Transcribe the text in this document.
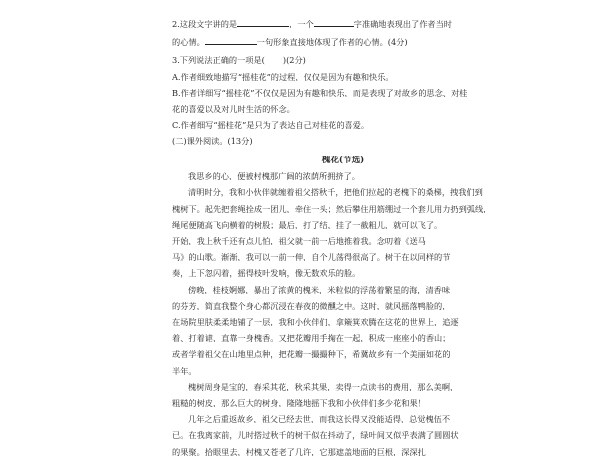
2.这段文字讲的是	，一个	字准确地表现出了作者当时
的心情。	一句形象直接地体现了作者的心情。(4分)
3.下列说法正确的一项是( )(2分)
A.作者细致地描写“摇桂花”的过程，仅仅是因为有趣和快乐。
B.作者详细写“摇桂花”不仅仅是因为有趣和快乐，而是表现了对故乡的思念、对桂
花的喜爱以及对儿时生活的怀念。
C.作者细写“摇桂花”是只为了表达自己对桂花的喜爱。
(二)课外阅读。(13分)
槐花(节选)
我思乡的心，便被村槐那广阔的浓荫所拥挤了。
清明时分，我和小伙伴就缠着祖父搭秋千，把他们拉起的老槐下的桑梯，拽我们到
槐树下。起先把套绳拴成一团儿，牵住一头；然后攀住用筋绷过一个套儿用力扔到弧线，
绳尾便随高飞向横着的树股；最后，打了结，挂了一截粗儿，就可以飞了。
开始，我上秋千还有点儿怕，祖父就一前一后地推着我。念叨着《送马
马》的山歌。渐渐，我可以一前一伸，自个儿荡得很高了。树干在以同样的节
奏，上下忽闪着，摇得枝叶发响，像无数欢乐的脸。
傍晚，桂枝婀娜，暴出了浓黄的槐米，米粒似的浮荡着繁星的海，清香味
的芬芳，简直我整个身心都沉浸在春夜的微醺之中。这时，就风摇落鸭脸的，
在场院里肤柔柔地铺了一层，我和小伙伴们，拿簸箕欢腾在这花的世界上，追逐
着、打着谑，直靠一身槐香。又把花瓣用手掬在一起，积成一座座小的香山；
或者学着祖父在山地里点种，把花瓣一撮撮种下，希冀故乡有一个美丽如花的
半年。
槐树周身是宝的，春采其花，秋采其果，卖得一点读书的费用，那么美啊，
粗糙的树皮，那么巨大的树身，隆隆地摇下我和小伙伴们多少花和果！
几年之后重返故乡，祖父已经去世，而我这长得又没能适得，总觉槐伍不
已。在我离家前，儿时搭过秋千的树干似在抖动了，绿叶间又似乎表满了圆圆状
的果聚。拾眼里去，村槐又苍老了几许，它那遮盖地面的巨根，深深扎
